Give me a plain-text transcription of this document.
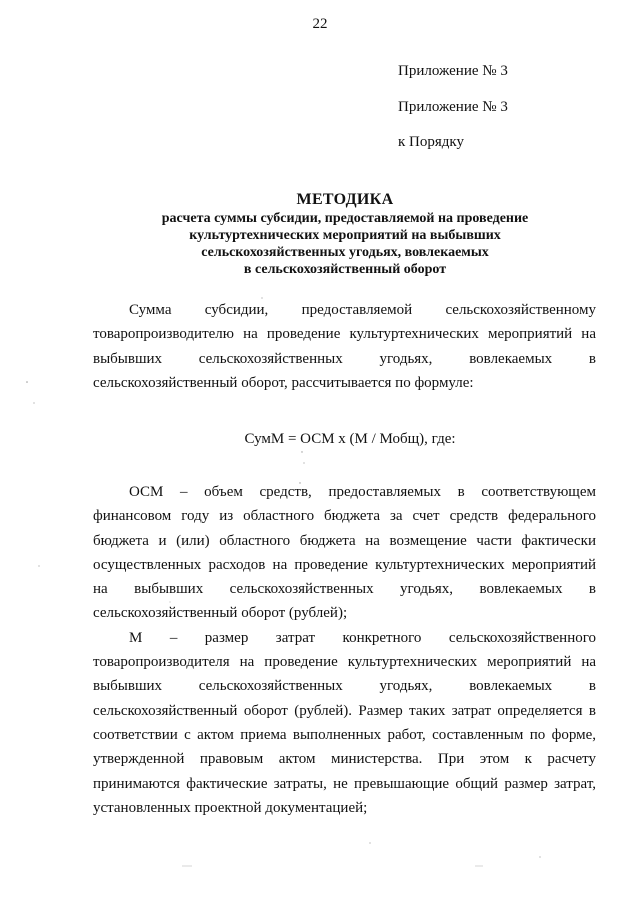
22
Приложение № 3
Приложение № 3
к Порядку
МЕТОДИКА
расчета суммы субсидии, предоставляемой на проведение
культуртехнических мероприятий на выбывших
сельскохозяйственных угодьях, вовлекаемых
в сельскохозяйственный оборот

Сумма субсидии, предоставляемой сельскохозяйственному товаропроизводителю на проведение культуртехнических мероприятий на выбывших сельскохозяйственных угодьях, вовлекаемых в сельскохозяйственный оборот, рассчитывается по формуле:

СумМ = ОСМ x (М / Мобщ), где:

ОСМ – объем средств, предоставляемых в соответствующем финансовом году из областного бюджета за счет средств федерального бюджета и (или) областного бюджета на возмещение части фактически осуществленных расходов на проведение культуртехнических мероприятий на выбывших сельскохозяйственных угодьях, вовлекаемых в сельскохозяйственный оборот (рублей);

М – размер затрат конкретного сельскохозяйственного товаропроизводителя на проведение культуртехнических мероприятий на выбывших сельскохозяйственных угодьях, вовлекаемых в сельскохозяйственный оборот (рублей). Размер таких затрат определяется в соответствии с актом приема выполненных работ, составленным по форме, утвержденной правовым актом министерства. При этом к расчету принимаются фактические затраты, не превышающие общий размер затрат, установленных проектной документацией;
